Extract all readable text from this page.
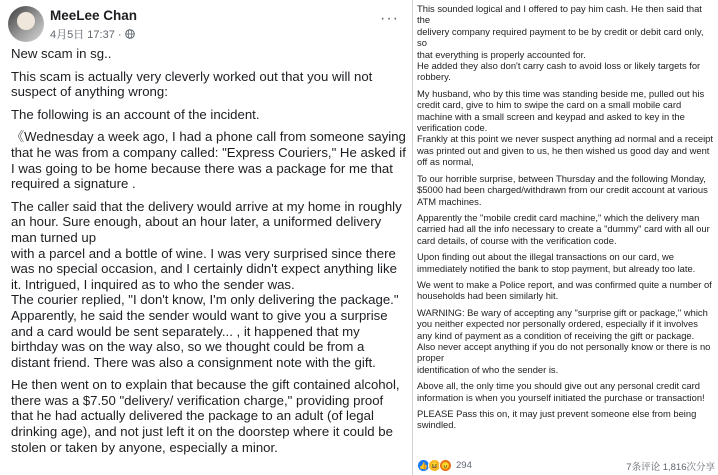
MeeLee Chan
4月5日 17:37 ·
···

New scam in sg..

This scam is actually very cleverly worked out that you will not suspect of anything wrong:

The following is an account of the incident.

《Wednesday a week ago, I had a phone call from someone saying that he was from a company called: "Express Couriers," He asked if I was going to be home because there was a package for me that required a signature .

The caller said that the delivery would arrive at my home in roughly an hour. Sure enough, about an hour later, a uniformed delivery man turned up
with a parcel and a bottle of wine. I was very surprised since there was no special occasion, and I certainly didn't expect anything like it. Intrigued, I inquired as to who the sender was.
The courier replied, "I don't know, I'm only delivering the package." Apparently, he said the sender would want to give you a surprise and a card would be sent separately... , it happened that my birthday was on the way also, so we thought could be from a distant friend. There was also a consignment note with the gift.

He then went on to explain that because the gift contained alcohol, there was a $7.50 "delivery/ verification charge," providing proof that he had actually delivered the package to an adult (of legal drinking age), and not just left it on the doorstep where it could be stolen or taken by anyone, especially a minor.

This sounded logical and I offered to pay him cash. He then said that the
delivery company required payment to be by credit or debit card only, so
that everything is properly accounted for.
He added they also don't carry cash to avoid loss or likely targets for robbery.

My husband, who by this time was standing beside me, pulled out his credit card, give to him to swipe the card on a small mobile card machine with a small screen and keypad and asked to key in the verification code.
Frankly at this point we never suspect anything ad normal and a receipt was printed out and given to us, he then wished us good day and went off as normal,

To our horrible surprise, between Thursday and the following Monday, $5000 had been charged/withdrawn from our credit account at various ATM machines.

Apparently the "mobile credit card machine," which the delivery man carried had all the info necessary to create a "dummy" card with all our card details, of course with the verification code.

Upon finding out about the illegal transactions on our card, we immediately notified the bank to stop payment, but already too late.

We went to make a Police report, and was confirmed quite a number of households had been similarly hit.

WARNING: Be wary of accepting any "surprise gift or package," which you neither expected nor personally ordered, especially if it involves any kind of payment as a condition of receiving the gift or package. Also never accept anything if you do not personally know or there is no proper
identification of who the sender is.

Above all, the only time you should give out any personal credit card information is when you yourself initiated the purchase or transaction!

PLEASE Pass this on, it may just prevent someone else from being swindled.

👍 😆 😠 294	7条评论 1,816次分享
